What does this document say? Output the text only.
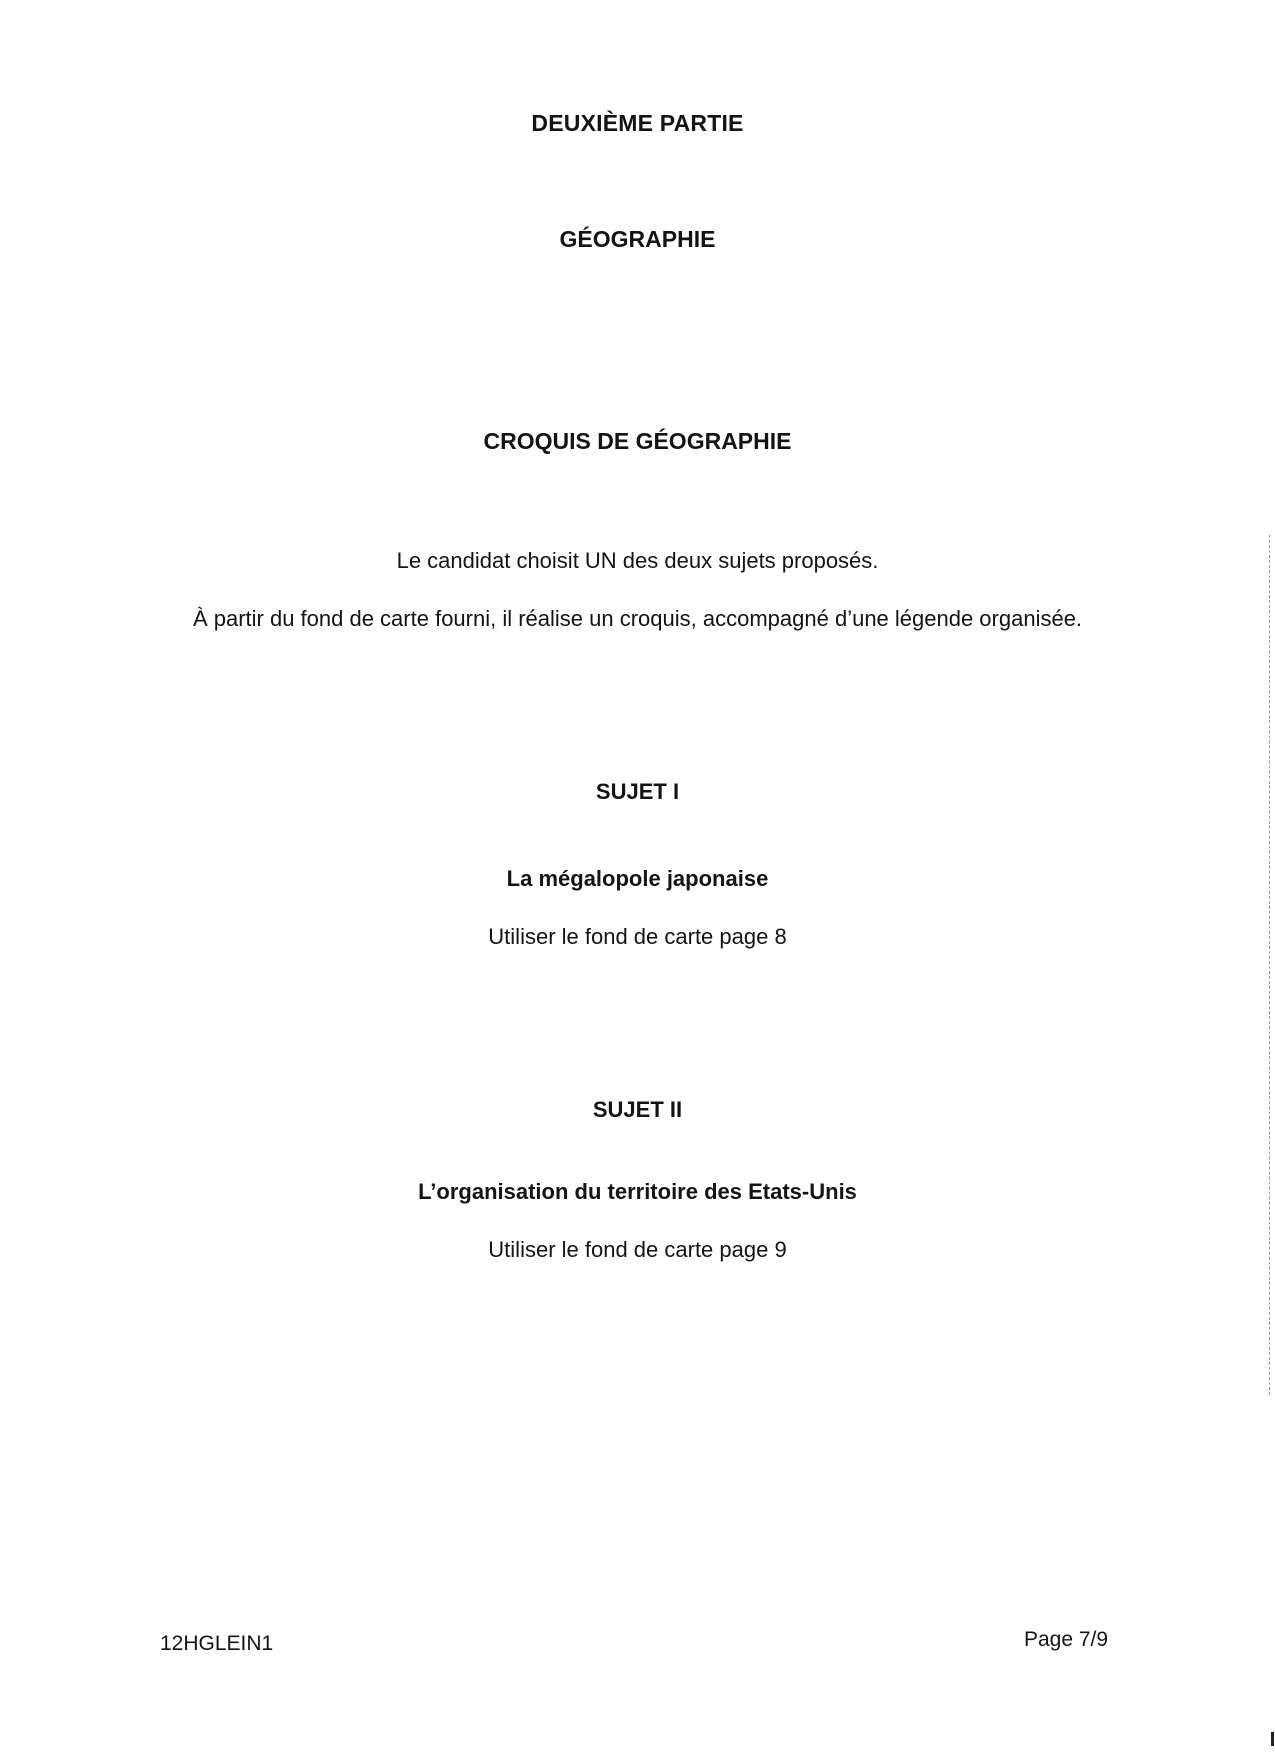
DEUXIÈME PARTIE
GÉOGRAPHIE
CROQUIS DE GÉOGRAPHIE
Le candidat choisit UN des deux sujets proposés.
À partir du fond de carte fourni, il réalise un croquis, accompagné d’une légende organisée.
SUJET I
La mégalopole japonaise
Utiliser le fond de carte page 8
SUJET II
L’organisation du territoire des Etats-Unis
Utiliser le fond de carte page 9
12HGLEIN1	Page 7/9
